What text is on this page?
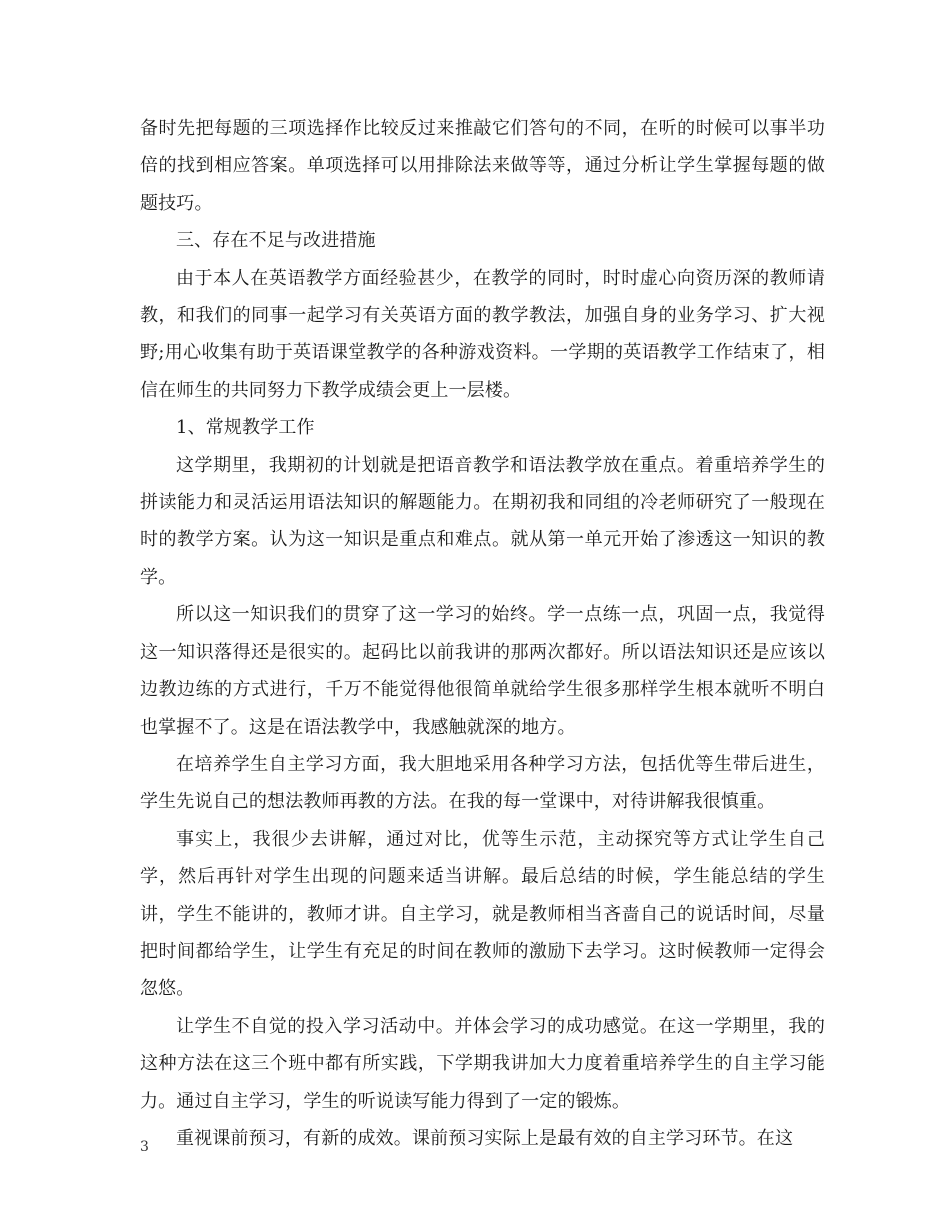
备时先把每题的三项选择作比较反过来推敲它们答句的不同，在听的时候可以事半功倍的找到相应答案。单项选择可以用排除法来做等等，通过分析让学生掌握每题的做题技巧。

三、存在不足与改进措施

由于本人在英语教学方面经验甚少，在教学的同时，时时虚心向资历深的教师请教，和我们的同事一起学习有关英语方面的教学教法，加强自身的业务学习、扩大视野;用心收集有助于英语课堂教学的各种游戏资料。一学期的英语教学工作结束了，相信在师生的共同努力下教学成绩会更上一层楼。

1、常规教学工作

这学期里，我期初的计划就是把语音教学和语法教学放在重点。着重培养学生的拼读能力和灵活运用语法知识的解题能力。在期初我和同组的冷老师研究了一般现在时的教学方案。认为这一知识是重点和难点。就从第一单元开始了渗透这一知识的教学。

所以这一知识我们的贯穿了这一学习的始终。学一点练一点，巩固一点，我觉得这一知识落得还是很实的。起码比以前我讲的那两次都好。所以语法知识还是应该以边教边练的方式进行，千万不能觉得他很简单就给学生很多那样学生根本就听不明白也掌握不了。这是在语法教学中，我感触就深的地方。

在培养学生自主学习方面，我大胆地采用各种学习方法，包括优等生带后进生，学生先说自己的想法教师再教的方法。在我的每一堂课中，对待讲解我很慎重。

事实上，我很少去讲解，通过对比，优等生示范，主动探究等方式让学生自己学，然后再针对学生出现的问题来适当讲解。最后总结的时候，学生能总结的学生讲，学生不能讲的，教师才讲。自主学习，就是教师相当吝啬自己的说话时间，尽量把时间都给学生，让学生有充足的时间在教师的激励下去学习。这时候教师一定得会忽悠。

让学生不自觉的投入学习活动中。并体会学习的成功感觉。在这一学期里，我的这种方法在这三个班中都有所实践，下学期我讲加大力度着重培养学生的自主学习能力。通过自主学习，学生的听说读写能力得到了一定的锻炼。

重视课前预习，有新的成效。课前预习实际上是最有效的自主学习环节。在这

3
